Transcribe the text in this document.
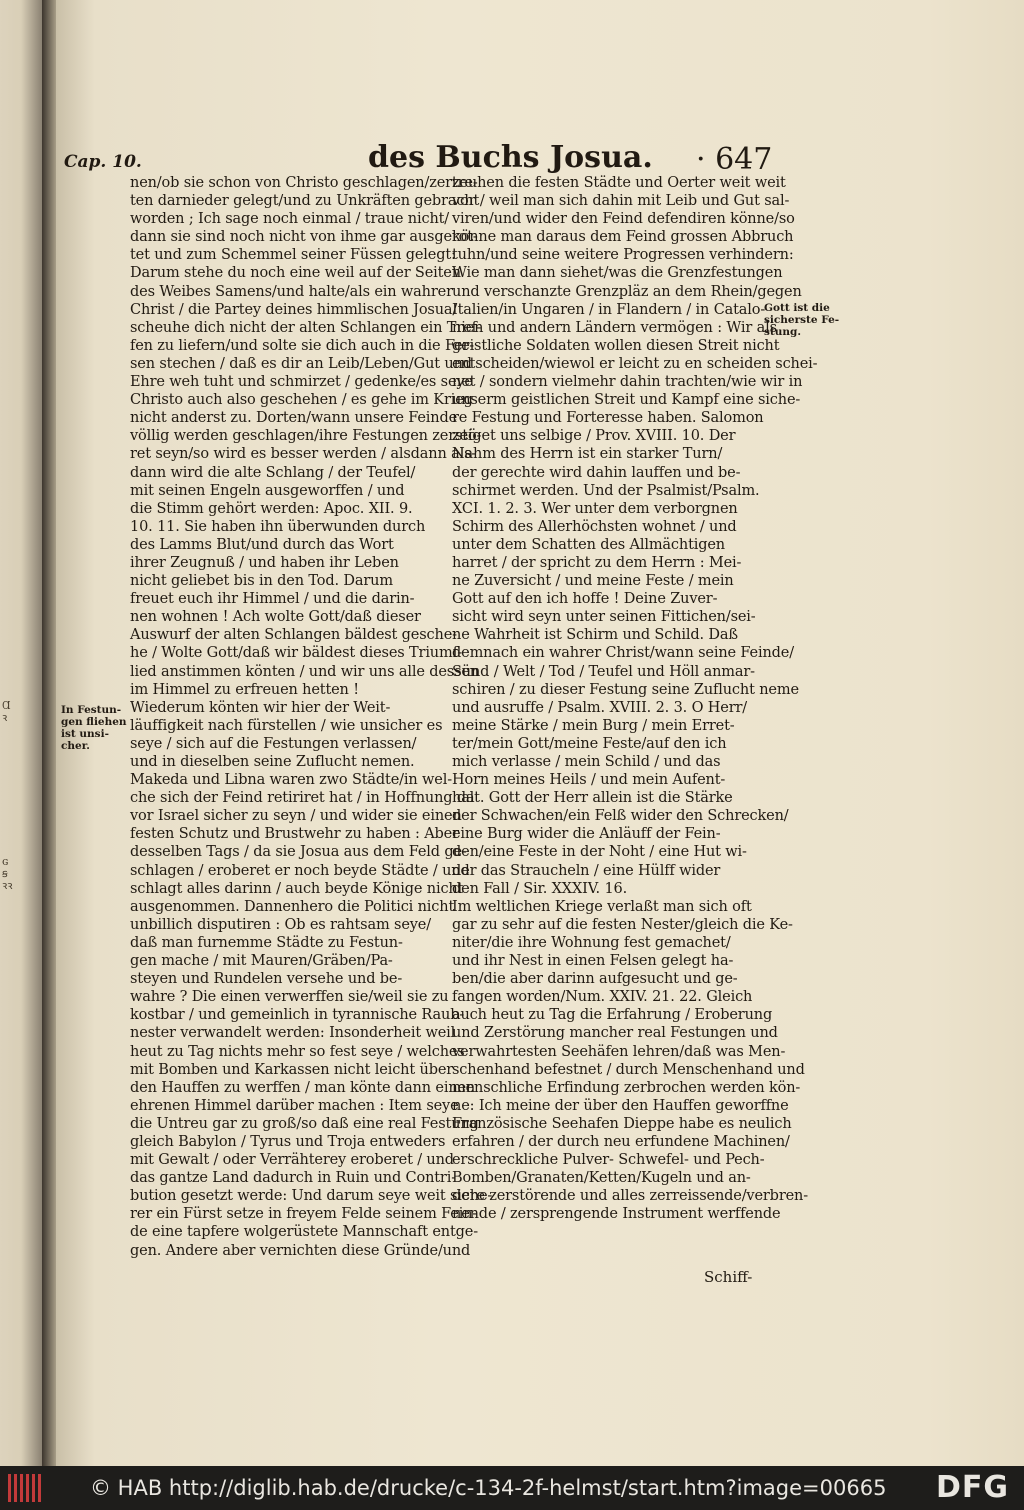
Ɑ
ꝛ

ɢ
ꞩ
ꝛꝛ
Cap. 10.	des Buchs Josua. · 647
In Festun-
gen fliehen
ist unsi-
cher.
Gott ist die
sicherste Fe-
stung.
nen/ob sie schon von Christo geschlagen/zertre-
ten darnieder gelegt/und zu Unkräften gebracht
worden ; Ich sage noch einmal / traue nicht/
dann sie sind noch nicht von ihme gar ausgerot-
tet und zum Schemmel seiner Füssen gelegt:
Darum stehe du noch eine weil auf der Seiten
des Weibes Samens/und halte/als ein wahrer
Christ / die Partey deines himmlischen Josua/
scheuhe dich nicht der alten Schlangen ein Tref-
fen zu liefern/und solte sie dich auch in die Fer-
sen stechen / daß es dir an Leib/Leben/Gut und
Ehre weh tuht und schmirzet / gedenke/es seye
Christo auch also geschehen / es gehe im Krieg
nicht anderst zu. Dorten/wann unsere Feinde
völlig werden geschlagen/ihre Festungen zerstö-
ret seyn/so wird es besser werden / alsdann als-
dann wird die alte Schlang / der Teufel/
mit seinen Engeln ausgeworffen / und
die Stimm gehört werden: Apoc. XII. 9.
10. 11. Sie haben ihn überwunden durch
des Lamms Blut/und durch das Wort
ihrer Zeugnuß / und haben ihr Leben
nicht geliebet bis in den Tod. Darum
freuet euch ihr Himmel / und die darin-
nen wohnen ! Ach wolte Gott/daß dieser
Auswurf der alten Schlangen bäldest gesche-
he / Wolte Gott/daß wir bäldest dieses Triumf-
lied anstimmen könten / und wir uns alle dessen
im Himmel zu erfreuen hetten !
Wiederum könten wir hier der Weit-
läuffigkeit nach fürstellen / wie unsicher es
seye / sich auf die Festungen verlassen/
und in dieselben seine Zuflucht nemen.
Makeda und Libna waren zwo Städte/in wel-
che sich der Feind retiriret hat / in Hoffnung da
vor Israel sicher zu seyn / und wider sie einen
festen Schutz und Brustwehr zu haben : Aber
desselben Tags / da sie Josua aus dem Feld ge-
schlagen / eroberet er noch beyde Städte / und
schlagt alles darinn / auch beyde Könige nicht
ausgenommen. Dannenhero die Politici nicht
unbillich disputiren : Ob es rahtsam seye/
daß man furnemme Städte zu Festun-
gen mache / mit Mauren/Gräben/Pa-
steyen und Rundelen versehe und be-
wahre ? Die einen verwerffen sie/weil sie zu
kostbar / und gemeinlich in tyrannische Raub-
nester verwandelt werden: Insonderheit weil
heut zu Tag nichts mehr so fest seye / welches
mit Bomben und Karkassen nicht leicht über
den Hauffen zu werffen / man könte dann einen
ehrenen Himmel darüber machen : Item seye
die Untreu gar zu groß/so daß eine real Festung
gleich Babylon / Tyrus und Troja entweders
mit Gewalt / oder Verrähterey eroberet / und
das gantze Land dadurch in Ruin und Contri-
bution gesetzt werde: Und darum seye weit siche-
rer ein Fürst setze in freyem Felde seinem Fein-
de eine tapfere wolgerüstete Mannschaft entge-
gen. Andere aber vernichten diese Gründe/und
zeuhen die festen Städte und Oerter weit weit
vor / weil man sich dahin mit Leib und Gut sal-
viren/und wider den Feind defendiren könne/so
könne man daraus dem Feind grossen Abbruch
tuhn/und seine weitere Progressen verhindern:
Wie man dann siehet/was die Grenzfestungen
und verschanzte Grenzpläz an dem Rhein/gegen
Italien/in Ungaren / in Flandern / in Catalo-
nien und andern Ländern vermögen : Wir als
geistliche Soldaten wollen diesen Streit nicht
entscheiden/wiewol er leicht zu en scheiden schei-
net / sondern vielmehr dahin trachten/wie wir in
unserm geistlichen Streit und Kampf eine siche-
re Festung und Forteresse haben. Salomon
zeiget uns selbige / Prov. XVIII. 10. Der
Nahm des Herrn ist ein starker Turn/
der gerechte wird dahin lauffen und be-
schirmet werden. Und der Psalmist/Psalm.
XCI. 1. 2. 3. Wer unter dem verborgnen
Schirm des Allerhöchsten wohnet / und
unter dem Schatten des Allmächtigen
harret / der spricht zu dem Herrn : Mei-
ne Zuversicht / und meine Feste / mein
Gott auf den ich hoffe ! Deine Zuver-
sicht wird seyn unter seinen Fittichen/sei-
ne Wahrheit ist Schirm und Schild. Daß
demnach ein wahrer Christ/wann seine Feinde/
Sünd / Welt / Tod / Teufel und Höll anmar-
schiren / zu dieser Festung seine Zuflucht neme
und ausruffe / Psalm. XVIII. 2. 3. O Herr/
meine Stärke / mein Burg / mein Erret-
ter/mein Gott/meine Feste/auf den ich
mich verlasse / mein Schild / und das
Horn meines Heils / und mein Aufent-
halt. Gott der Herr allein ist die Stärke
der Schwachen/ein Felß wider den Schrecken/
eine Burg wider die Anläuff der Fein-
den/eine Feste in der Noht / eine Hut wi-
der das Straucheln / eine Hülff wider
den Fall / Sir. XXXIV. 16.
Im weltlichen Kriege verlaßt man sich oft
gar zu sehr auf die festen Nester/gleich die Ke-
niter/die ihre Wohnung fest gemachet/
und ihr Nest in einen Felsen gelegt ha-
ben/die aber darinn aufgesucht und ge-
fangen worden/Num. XXIV. 21. 22. Gleich
auch heut zu Tag die Erfahrung / Eroberung
und Zerstörung mancher real Festungen und
verwahrtesten Seehäfen lehren/daß was Men-
schenhand befestnet / durch Menschenhand und
menschliche Erfindung zerbrochen werden kön-
ne: Ich meine der über den Hauffen geworffne
Französische Seehafen Dieppe habe es neulich
erfahren / der durch neu erfundene Machinen/
erschreckliche Pulver- Schwefel- und Pech-
Bomben/Granaten/Ketten/Kugeln und an-
dere zerstörende und alles zerreissende/verbren-
nende / zersprengende Instrument werffende
Schiff-
© HAB http://diglib.hab.de/drucke/c-134-2f-helmst/start.htm?image=00665 DFG
